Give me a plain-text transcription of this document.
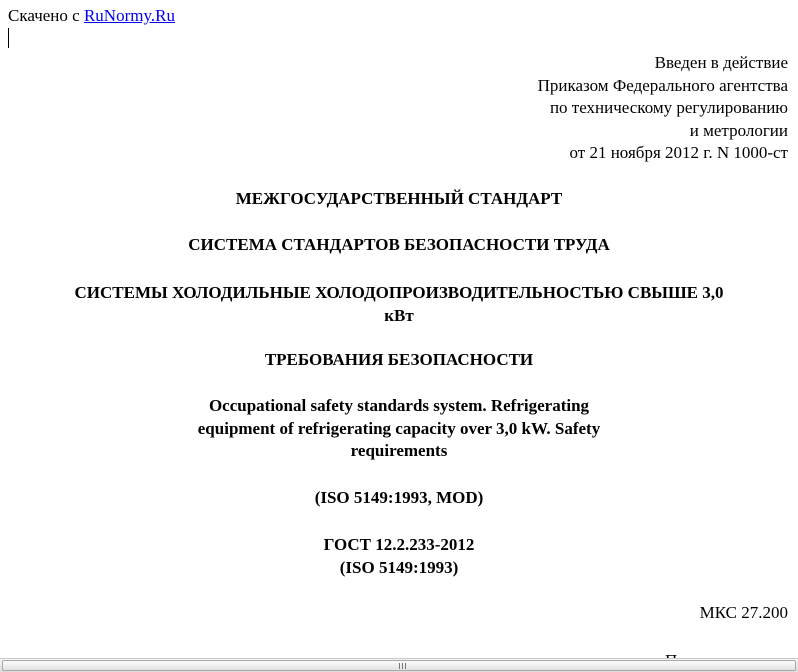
Скачено с RuNormy.Ru
Введен в действие
Приказом Федерального агентства
по техническому регулированию
и метрологии
от 21 ноября 2012 г. N 1000-ст
МЕЖГОСУДАРСТВЕННЫЙ СТАНДАРТ
СИСТЕМА СТАНДАРТОВ БЕЗОПАСНОСТИ ТРУДА
СИСТЕМЫ ХОЛОДИЛЬНЫЕ ХОЛОДОПРОИЗВОДИТЕЛЬНОСТЬЮ СВЫШЕ 3,0
кВт
ТРЕБОВАНИЯ БЕЗОПАСНОСТИ
Occupational safety standards system. Refrigerating
equipment of refrigerating capacity over 3,0 kW. Safety
requirements
(ISO 5149:1993, MOD)
ГОСТ 12.2.233-2012
(ISO 5149:1993)
МКС 27.200
